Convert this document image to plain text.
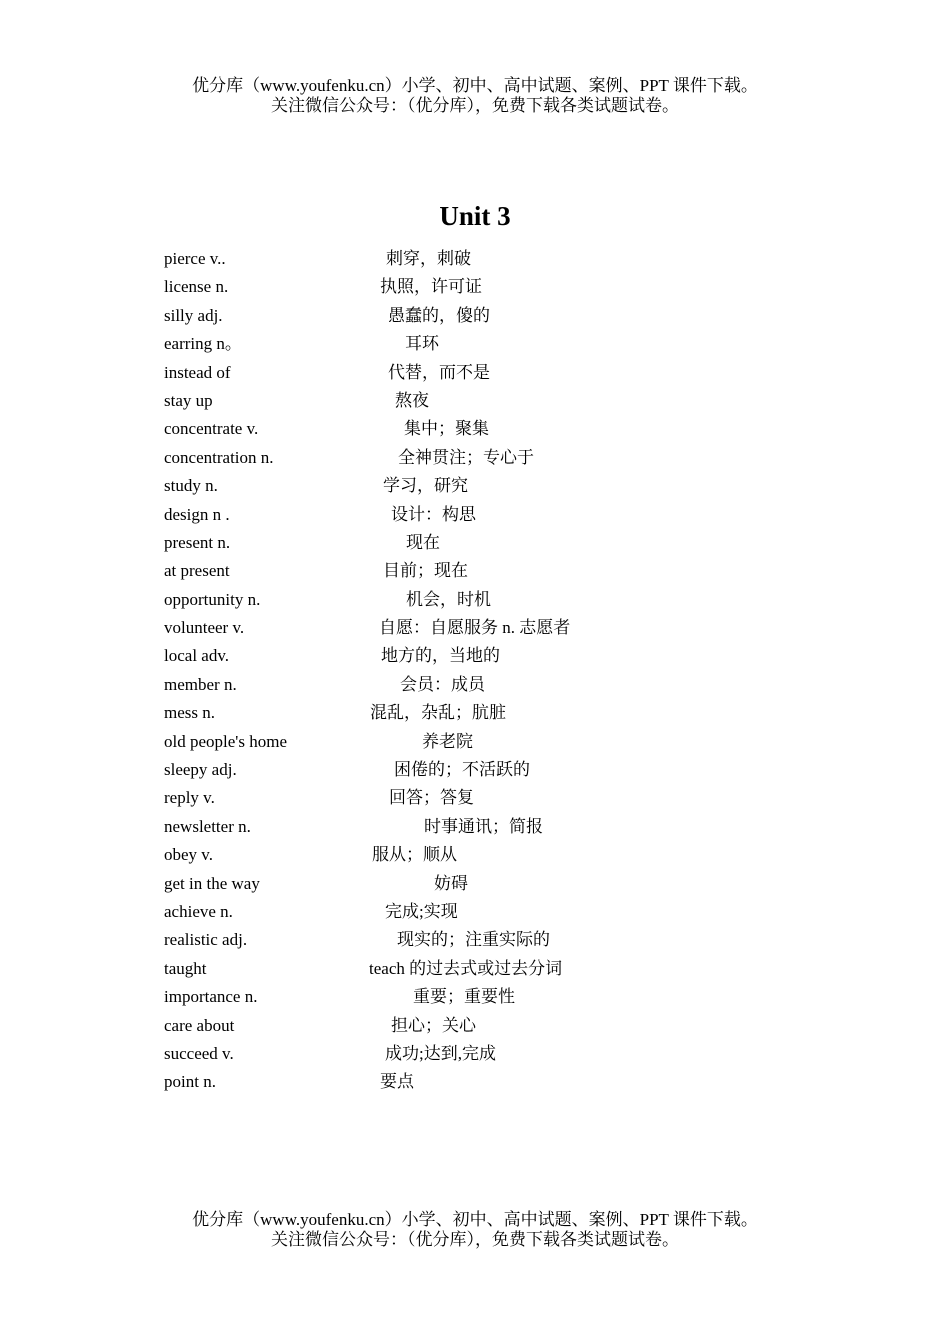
优分库（www.youfenku.cn）小学、初中、高中试题、案例、PPT 课件下载。
关注微信公众号：（优分库），免费下载各类试题试卷。
Unit 3
pierce v..	刺穿，刺破
license n.	执照，许可证
silly adj.	愚蠢的，傻的
earring n。	耳环
instead of	代替，而不是
stay up	熬夜
concentrate v.	集中；聚集
concentration n.	全神贯注；专心于
study n.	学习，研究
design n .	设计：构思
present n.	现在
at present	目前；现在
opportunity n.	机会，时机
volunteer v.	自愿：自愿服务 n. 志愿者
local adv.	地方的，当地的
member n.	会员：成员
mess n.	混乱，杂乱；肮脏
old people's home	养老院
sleepy adj.	困倦的；不活跃的
reply v.	回答；答复
newsletter n.	时事通讯；简报
obey v.	服从；顺从
get in the way	妨碍
achieve n.	完成;实现
realistic adj.	现实的；注重实际的
taught	teach 的过去式或过去分词
importance n.	重要；重要性
care about	担心；关心
succeed v.	成功;达到,完成
point n.	要点
优分库（www.youfenku.cn）小学、初中、高中试题、案例、PPT 课件下载。
关注微信公众号：（优分库），免费下载各类试题试卷。
